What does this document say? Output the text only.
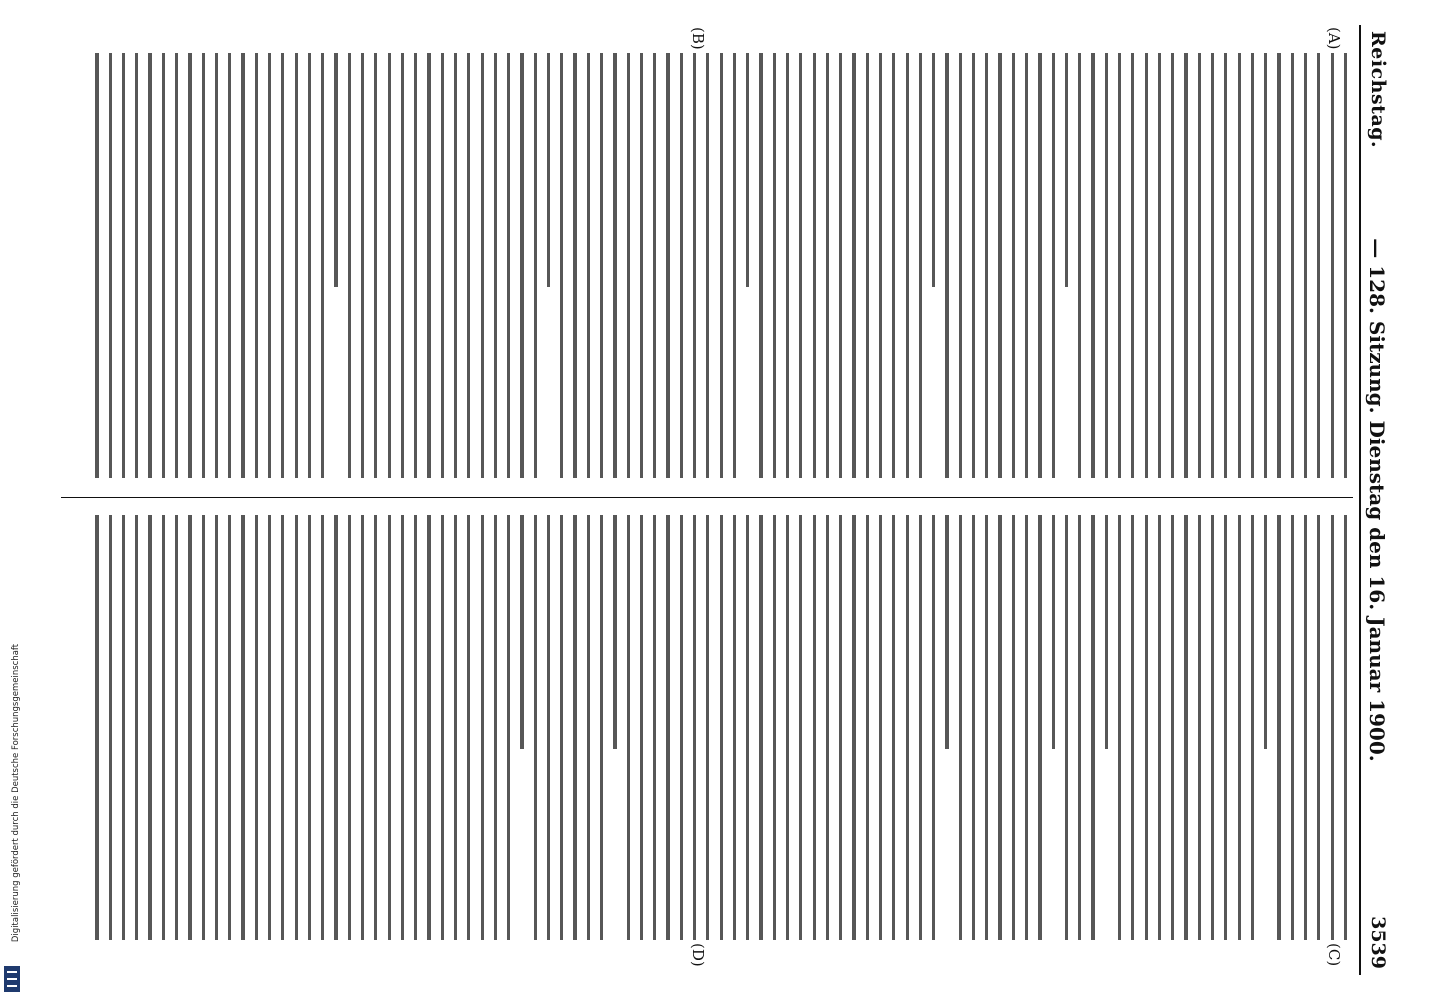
Reichstag.
— 128. Sitzung. Dienstag den 16. Januar 1900.
3539
(A)
(B)
(C)
(D)
Digitalisierung gefördert durch die Deutsche Forschungsgemeinschaft
